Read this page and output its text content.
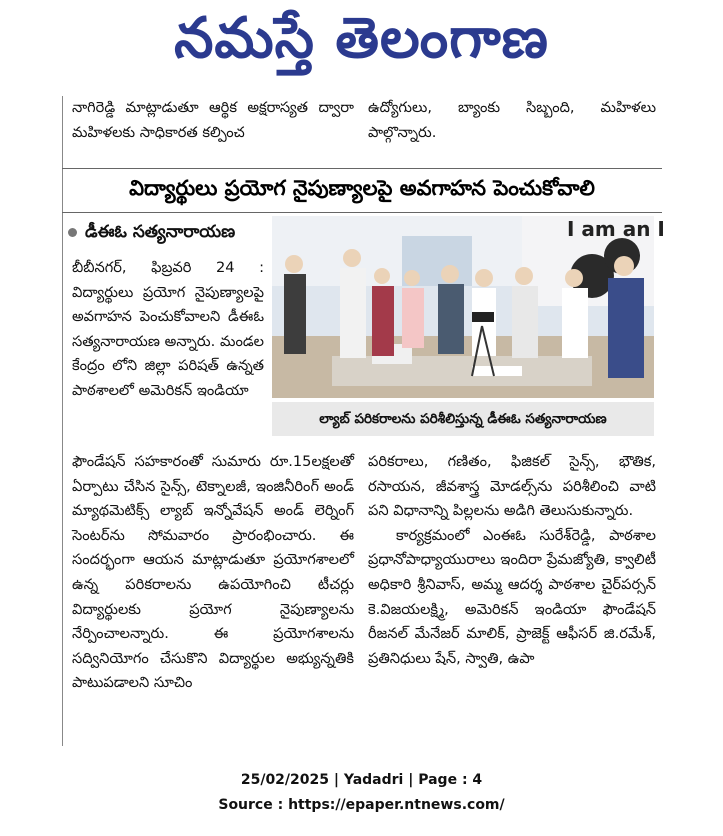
నమస్తే తెలంగాణ

నాగిరెడ్డి మాట్లాడుతూ ఆర్థిక అక్షరాస్యత ద్వారా మహిళలకు సాధికారత కల్పించ

ఉద్యోగులు, బ్యాంకు సిబ్బంది, మహిళలు పాల్గొన్నారు.

విద్యార్థులు ప్రయోగ నైపుణ్యాలపై అవగాహన పెంచుకోవాలి
డీఈఓ సత్యనారాయణ

బీబీనగర్, ఫిబ్రవరి 24 : విద్యార్థులు ప్రయోగ నైపుణ్యాలపై అవగాహన పెంచుకోవాలని డీఈఓ సత్యనారాయణ అన్నారు. మండల కేంద్రం లోని జిల్లా పరిషత్ ఉన్నత పాఠశాలలో అమెరికన్ ఇండియా

I am an I
ల్యాబ్ పరికరాలను పరిశీలిస్తున్న డీఈఓ సత్యనారాయణ

ఫౌండేషన్ సహకారంతో సుమారు రూ.15లక్షలతో ఏర్పాటు చేసిన సైన్స్, టెక్నాలజీ, ఇంజినీరింగ్ అండ్ మ్యాథమెటిక్స్ ల్యాబ్ ఇన్నోవేషన్ అండ్ లెర్నింగ్ సెంటర్‌ను సోమవారం ప్రారంభించారు. ఈ సందర్భంగా ఆయన మాట్లాడుతూ ప్రయోగశాలలో ఉన్న పరికరాలను ఉపయోగించి టీచర్లు విద్యార్థులకు ప్రయోగ నైపుణ్యాలను నేర్పించాలన్నారు. ఈ ప్రయోగశాలను సద్వినియోగం చేసుకొని విద్యార్థుల అభ్యున్నతికి పాటుపడాలని సూచిం

పరికరాలు, గణితం, ఫిజికల్ సైన్స్, భౌతిక, రసాయన, జీవశాస్త్ర మోడల్స్‌ను పరిశీలించి వాటి పని విధానాన్ని పిల్లలను అడిగి తెలుసుకున్నారు.

కార్యక్రమంలో ఎంఈఓ సురేశ్‌రెడ్డి, పాఠశాల ప్రధానోపాధ్యాయురాలు ఇందిరా ప్రేమజ్యోతి, క్వాలిటీ అధికారి శ్రీనివాస్, అమ్మ ఆదర్శ పాఠశాల చైర్‌పర్సన్ కె.విజయలక్ష్మి, అమెరికన్ ఇండియా ఫౌండేషన్ రీజనల్ మేనేజర్ మాలిక్, ప్రాజెక్ట్ ఆఫీసర్ జి.రమేశ్, ప్రతినిధులు షేన్, స్వాతి, ఉపా

25/02/2025 | Yadadri | Page : 4
Source : https://epaper.ntnews.com/
